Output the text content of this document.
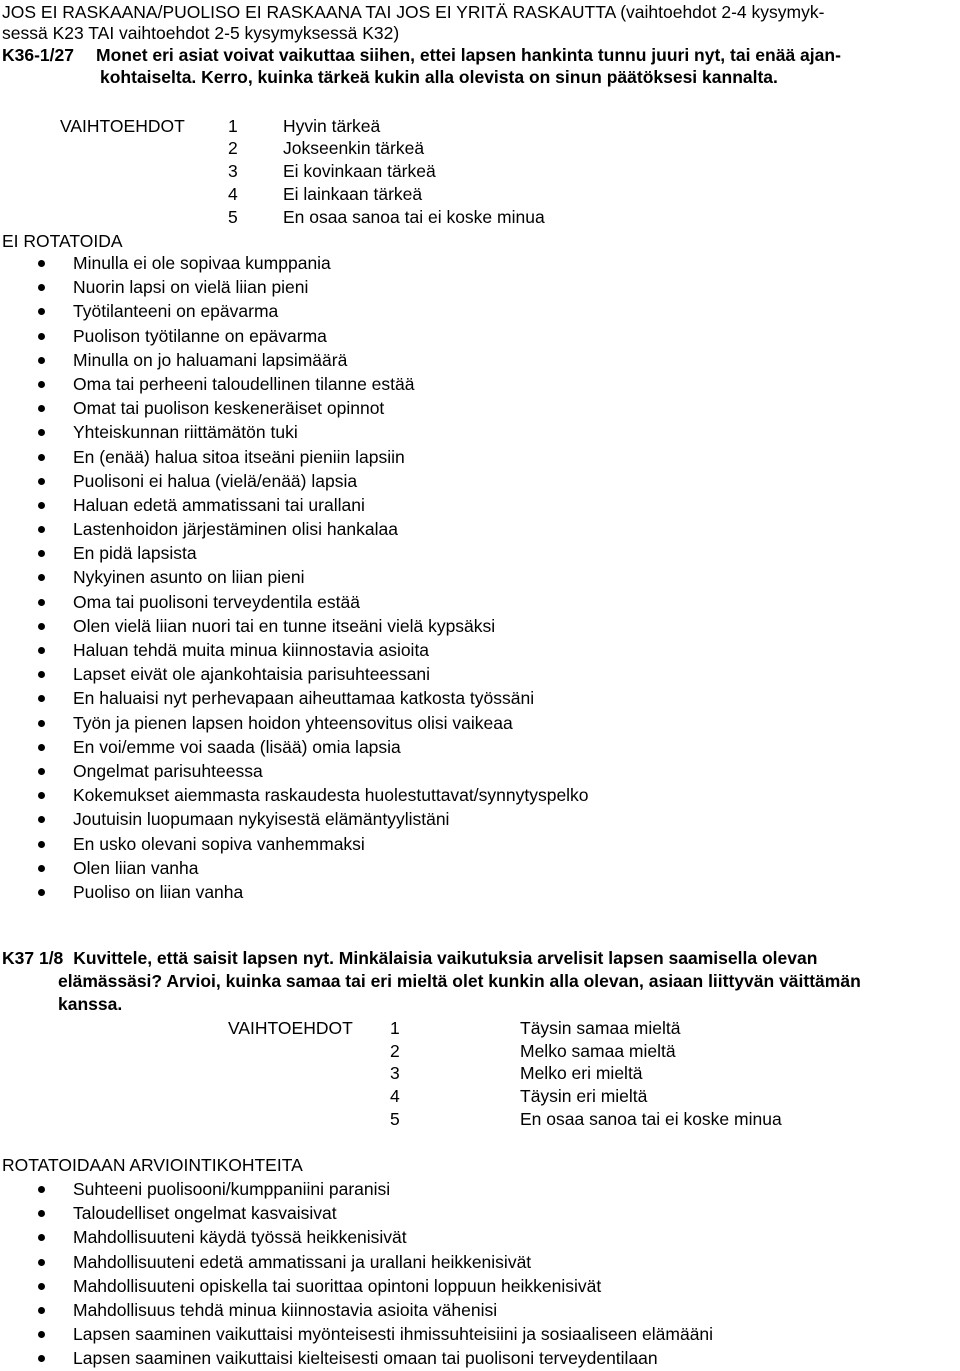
JOS EI RASKAANA/PUOLISO EI RASKAANA TAI JOS EI YRITÄ RASKAUTTA (vaihtoehdot 2-4 kysymyk-
sessä K23 TAI vaihtoehdot 2-5 kysymyksessä K32)
K36-1/27 Monet eri asiat voivat vaikuttaa siihen, ettei lapsen hankinta tunnu juuri nyt, tai enää ajan-
kohtaiselta. Kerro, kuinka tärkeä kukin alla olevista on sinun päätöksesi kannalta.
VAIHTOEHDOT 1	Hyvin tärkeä
2	Jokseenkin tärkeä
3	Ei kovinkaan tärkeä
4	Ei lainkaan tärkeä
5	En osaa sanoa tai ei koske minua
EI ROTATOIDA
Minulla ei ole sopivaa kumppania
Nuorin lapsi on vielä liian pieni
Työtilanteeni on epävarma
Puolison työtilanne on epävarma
Minulla on jo haluamani lapsimäärä
Oma tai perheeni taloudellinen tilanne estää
Omat tai puolison keskeneräiset opinnot
Yhteiskunnan riittämätön tuki
En (enää) halua sitoa itseäni pieniin lapsiin
Puolisoni ei halua (vielä/enää) lapsia
Haluan edetä ammatissani tai urallani
Lastenhoidon järjestäminen olisi hankalaa
En pidä lapsista
Nykyinen asunto on liian pieni
Oma tai puolisoni terveydentila estää
Olen vielä liian nuori tai en tunne itseäni vielä kypsäksi
Haluan tehdä muita minua kiinnostavia asioita
Lapset eivät ole ajankohtaisia parisuhteessani
En haluaisi nyt perhevapaan aiheuttamaa katkosta työssäni
Työn ja pienen lapsen hoidon yhteensovitus olisi vaikeaa
En voi/emme voi saada (lisää) omia lapsia
Ongelmat parisuhteessa
Kokemukset aiemmasta raskaudesta huolestuttavat/synnytyspelko
Joutuisin luopumaan nykyisestä elämäntyylistäni
En usko olevani sopiva vanhemmaksi
Olen liian vanha
Puoliso on liian vanha
K37 1/8 Kuvittele, että saisit lapsen nyt. Minkälaisia vaikutuksia arvelisit lapsen saamisella olevan
elämässäsi? Arvioi, kuinka samaa tai eri mieltä olet kunkin alla olevan, asiaan liittyvän väittämän
kanssa.
VAIHTOEHDOT 1	Täysin samaa mieltä
2	Melko samaa mieltä
3	Melko eri mieltä
4	Täysin eri mieltä
5	En osaa sanoa tai ei koske minua
ROTATOIDAAN ARVIOINTIKOHTEITA
Suhteeni puolisooni/kumppaniini paranisi
Taloudelliset ongelmat kasvaisivat
Mahdollisuuteni käydä työssä heikkenisivät
Mahdollisuuteni edetä ammatissani ja urallani heikkenisivät
Mahdollisuuteni opiskella tai suorittaa opintoni loppuun heikkenisivät
Mahdollisuus tehdä minua kiinnostavia asioita vähenisi
Lapsen saaminen vaikuttaisi myönteisesti ihmissuhteisiini ja sosiaaliseen elämääni
Lapsen saaminen vaikuttaisi kielteisesti omaan tai puolisoni terveydentilaan
